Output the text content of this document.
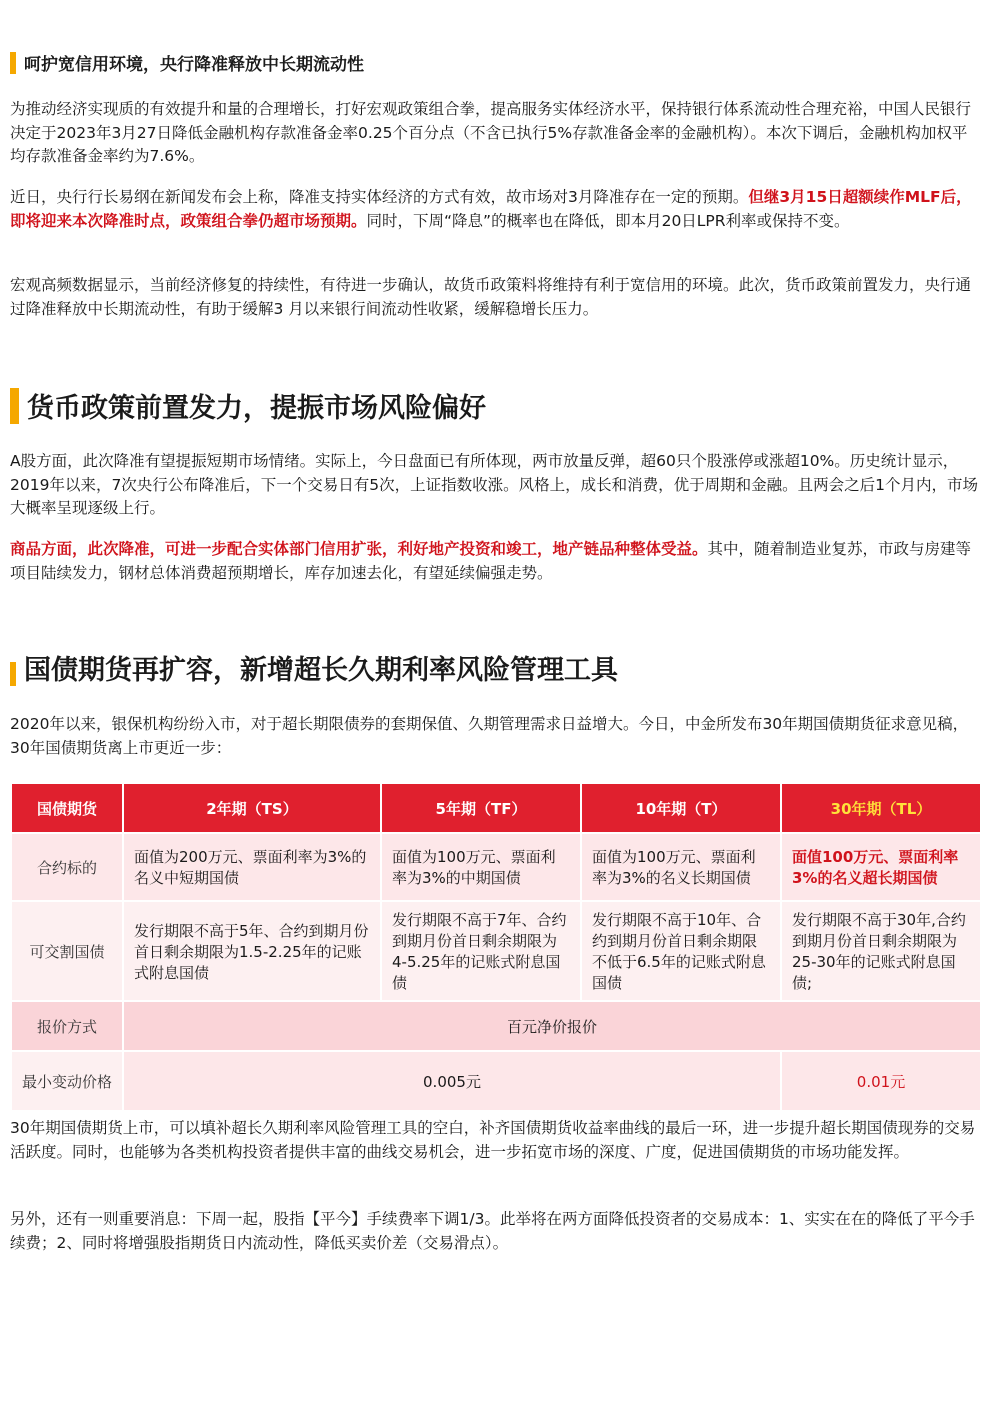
呵护宽信用环境，央行降准释放中长期流动性

为推动经济实现质的有效提升和量的合理增长，打好宏观政策组合拳，提高服务实体经济水平，保持银行体系流动性合理充裕，中国人民银行决定于2023年3月27日降低金融机构存款准备金率0.25个百分点（不含已执行5%存款准备金率的金融机构）。本次下调后，金融机构加权平均存款准备金率约为7.6%。

近日，央行行长易纲在新闻发布会上称，降准支持实体经济的方式有效，故市场对3月降准存在一定的预期。但继3月15日超额续作MLF后，即将迎来本次降准时点，政策组合拳仍超市场预期。同时，下周“降息”的概率也在降低，即本月20日LPR利率或保持不变。

宏观高频数据显示，当前经济修复的持续性，有待进一步确认，故货币政策料将维持有利于宽信用的环境。此次，货币政策前置发力，央行通过降准释放中长期流动性，有助于缓解3 月以来银行间流动性收紧，缓解稳增长压力。

货币政策前置发力，提振市场风险偏好

A股方面，此次降准有望提振短期市场情绪。实际上，今日盘面已有所体现，两市放量反弹，超60只个股涨停或涨超10%。历史统计显示，2019年以来，7次央行公布降准后，下一个交易日有5次，上证指数收涨。风格上，成长和消费，优于周期和金融。且两会之后1个月内，市场大概率呈现逐级上行。

商品方面，此次降准，可进一步配合实体部门信用扩张，利好地产投资和竣工，地产链品种整体受益。其中，随着制造业复苏，市政与房建等项目陆续发力，钢材总体消费超预期增长，库存加速去化，有望延续偏强走势。

国债期货再扩容，新增超长久期利率风险管理工具

2020年以来，银保机构纷纷入市，对于超长期限债券的套期保值、久期管理需求日益增大。今日，中金所发布30年期国债期货征求意见稿，30年国债期货离上市更近一步：

国债期货	2年期（TS）	5年期（TF）	10年期（T）	30年期（TL）
合约标的	面值为200万元、票面利率为3%的名义中短期国债	面值为100万元、票面利率为3%的中期国债	面值为100万元、票面利率为3%的名义长期国债	面值100万元、票面利率3%的名义超长期国债
可交割国债	发行期限不高于5年、合约到期月份首日剩余期限为1.5-2.25年的记账式附息国债	发行期限不高于7年、合约到期月份首日剩余期限为4-5.25年的记账式附息国债	发行期限不高于10年、合约到期月份首日剩余期限不低于6.5年的记账式附息国债	发行期限不高于30年,合约到期月份首日剩余期限为25-30年的记账式附息国债;
报价方式	百元净价报价			
最小变动价格	0.005元			0.01元

30年期国债期货上市，可以填补超长久期利率风险管理工具的空白，补齐国债期货收益率曲线的最后一环，进一步提升超长期国债现券的交易活跃度。同时，也能够为各类机构投资者提供丰富的曲线交易机会，进一步拓宽市场的深度、广度，促进国债期货的市场功能发挥。

另外，还有一则重要消息：下周一起，股指【平今】手续费率下调1/3。此举将在两方面降低投资者的交易成本：1、实实在在的降低了平今手续费；2、同时将增强股指期货日内流动性，降低买卖价差（交易滑点）。
